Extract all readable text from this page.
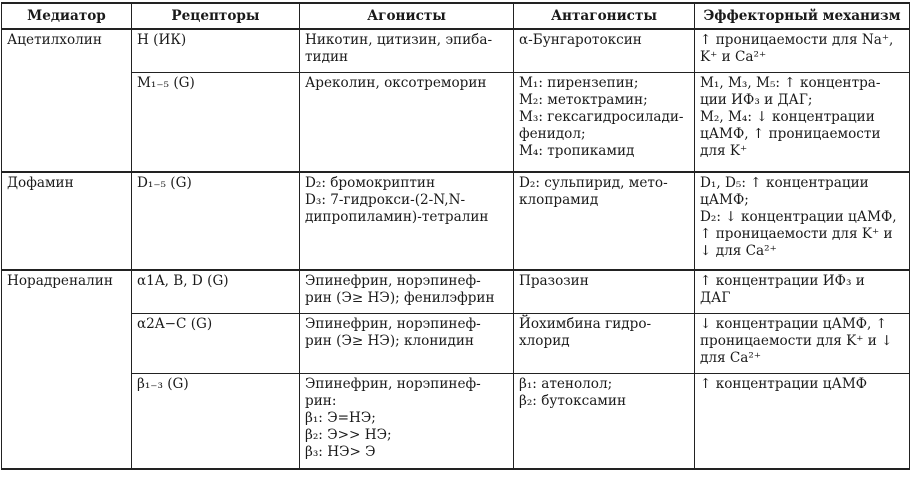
Медиатор	Рецепторы	Агонисты	Антагонисты	Эффекторный механизм

Ацетилхолин	Н (ИК)	Никотин, цитизин, эпиба-
тидин	α-Бунгаротоксин	↑ проницаемости для Na⁺,
K⁺ и Ca²⁺

	M₁₋₅ (G)	Ареколин, оксотреморин	M₁: пирензепин;
M₂: метоктрамин;
M₃: гексагидросилади-
фенидол;
M₄: тропикамид	M₁, M₃, M₅: ↑ концентра-
ции ИФ₃ и ДАГ;
M₂, M₄: ↓ концентрации
цАМФ, ↑ проницаемости
для K⁺

Дофамин	D₁₋₅ (G)	D₂: бромокриптин
D₃: 7-гидрокси-(2-N,N-
дипропиламин)-тетралин	D₂: сульпирид, мето-
клопрамид	D₁, D₅: ↑ концентрации
цАМФ;
D₂: ↓ концентрации цАМФ,
↑ проницаемости для K⁺ и
↓ для Ca²⁺

Норадреналин	α1A, B, D (G)	Эпинефрин, норэпинеф-
рин (Э≥ НЭ); фенилэфрин	Празозин	↑ концентрации ИФ₃ и
ДАГ

	α2A−C (G)	Эпинефрин, норэпинеф-
рин (Э≥ НЭ); клонидин	Йохимбина гидро-
хлорид	↓ концентрации цАМФ, ↑
проницаемости для K⁺ и ↓
для Ca²⁺

	β₁₋₃ (G)	Эпинефрин, норэпинеф-
рин:
β₁: Э=НЭ;
β₂: Э>> НЭ;
β₃: НЭ> Э	β₁: атенолол;
β₂: бутоксамин	↑ концентрации цАМФ
